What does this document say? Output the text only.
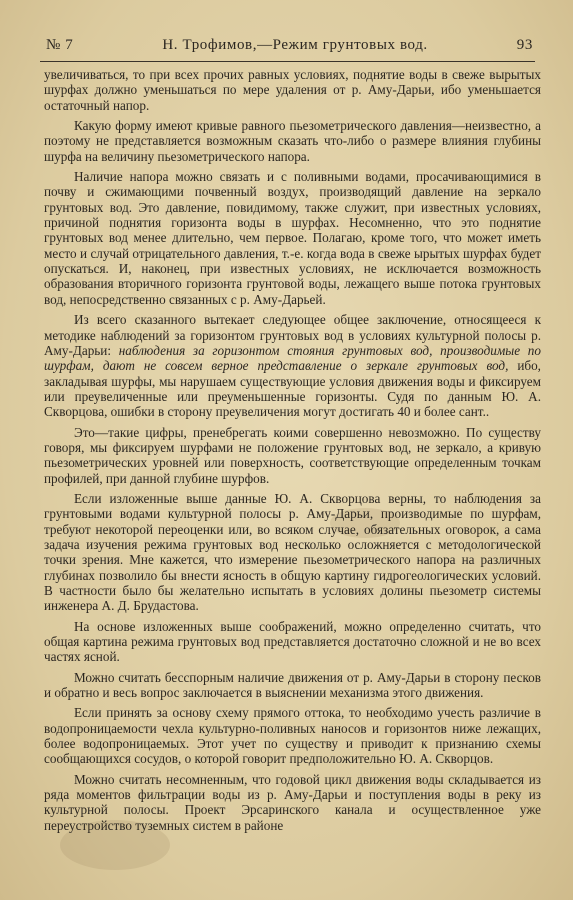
№ 7	Н. Трофимов,—Режим грунтовых вод.	93

увеличиваться, то при всех прочих равных условиях, поднятие воды в свеже вырытых шурфах должно уменьшаться по мере удаления от р. Аму-Дарьи, ибо уменьшается остаточный напор.

Какую форму имеют кривые равного пьезометрического давления—неизвестно, а поэтому не представляется возможным сказать что-либо о размере влияния глубины шурфа на величину пьезометрического напора.

Наличие напора можно связать и с поливными водами, просачивающимися в почву и сжимающими почвенный воздух, производящий давление на зеркало грунтовых вод. Это давление, повидимому, также служит, при известных условиях, причиной поднятия горизонта воды в шурфах. Несомненно, что это поднятие грунтовых вод менее длительно, чем первое. Полагаю, кроме того, что может иметь место и случай отрицательного давления, т.-е. когда вода в свеже ырытых шурфах будет опускаться. И, наконец, при известных условиях, не исключается возможность образования вторичного горизонта грунтовой воды, лежащего выше потока грунтовых вод, непосредственно связанных с р. Аму-Дарьей.

Из всего сказанного вытекает следующее общее заключение, относящееся к методике наблюдений за горизонтом грунтовых вод в условиях культурной полосы р. Аму-Дарьи: наблюдения за горизонтом стояния грунтовых вод, производимые по шурфам, дают не совсем верное представление о зеркале грунтовых вод, ибо, закладывая шурфы, мы нарушаем существующие условия движения воды и фиксируем или преувеличенные или преуменьшенные горизонты. Судя по данным Ю. А. Скворцова, ошибки в сторону преувеличения могут достигать 40 и более сант..

Это—такие цифры, пренебрегать коими совершенно невозможно. По существу говоря, мы фиксируем шурфами не положение грунтовых вод, не зеркало, а кривую пьезометрических уровней или поверхность, соответствующие определенным точкам профилей, при данной глубине шурфов.

Если изложенные выше данные Ю. А. Скворцова верны, то наблюдения за грунтовыми водами культурной полосы р. Аму-Дарьи, производимые по шурфам, требуют некоторой переоценки или, во всяком случае, обязательных оговорок, а сама задача изучения режима грунтовых вод несколько осложняется с методологической точки зрения. Мне кажется, что измерение пьезометрического напора на различных глубинах позволило бы внести ясность в общую картину гидрогеологических условий. В частности было бы желательно испытать в условиях долины пьезометр системы инженера А. Д. Брудастова.

На основе изложенных выше соображений, можно определенно считать, что общая картина режима грунтовых вод представляется достаточно сложной и не во всех частях ясной.

Можно считать бесспорным наличие движения от р. Аму-Дарьи в сторону песков и обратно и весь вопрос заключается в выяснении механизма этого движения.

Если принять за основу схему прямого оттока, то необходимо учесть различие в водопроницаемости чехла культурно-поливных наносов и горизонтов ниже лежащих, более водопроницаемых. Этот учет по существу и приводит к признанию схемы сообщающихся сосудов, о которой говорит предположительно Ю. А. Скворцов.

Можно считать несомненным, что годовой цикл движения воды складывается из ряда моментов фильтрации воды из р. Аму-Дарьи и поступления воды в реку из культурной полосы. Проект Эрсаринского канала и осуществленное уже переустройство туземных систем в районе
